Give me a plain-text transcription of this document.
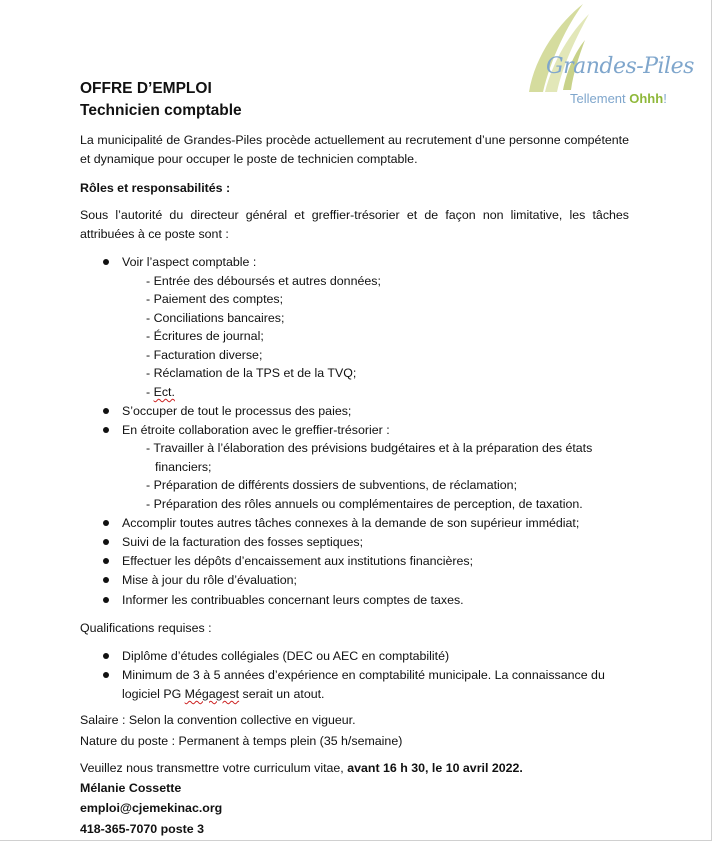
Grandes-Piles
Tellement Ohhh!
OFFRE D’EMPLOI
Technicien comptable
La municipalité de Grandes-Piles procède actuellement au recrutement d’une personne compétente et dynamique pour occuper le poste de technicien comptable.
Rôles et responsabilités :
Sous l’autorité du directeur général et greffier-trésorier et de façon non limitative, les tâches attribuées à ce poste sont :
Voir l’aspect comptable :
- Entrée des déboursés et autres données;
- Paiement des comptes;
- Conciliations bancaires;
- Écritures de journal;
- Facturation diverse;
- Réclamation de la TPS et de la TVQ;
- Ect.
S’occuper de tout le processus des paies;
En étroite collaboration avec le greffier-trésorier :
- Travailler à l’élaboration des prévisions budgétaires et à la préparation des états
financiers;
- Préparation de différents dossiers de subventions, de réclamation;
- Préparation des rôles annuels ou complémentaires de perception, de taxation.
Accomplir toutes autres tâches connexes à la demande de son supérieur immédiat;
Suivi de la facturation des fosses septiques;
Effectuer les dépôts d’encaissement aux institutions financières;
Mise à jour du rôle d’évaluation;
Informer les contribuables concernant leurs comptes de taxes.
Qualifications requises :
Diplôme d’études collégiales (DEC ou AEC en comptabilité)
Minimum de 3 à 5 années d’expérience en comptabilité municipale. La connaissance du
logiciel PG Mégagest serait un atout.
Salaire : Selon la convention collective en vigueur.
Nature du poste : Permanent à temps plein (35 h/semaine)
Veuillez nous transmettre votre curriculum vitae, avant 16 h 30, le 10 avril 2022.
Mélanie Cossette
emploi@cjemekinac.org
418-365-7070 poste 3
